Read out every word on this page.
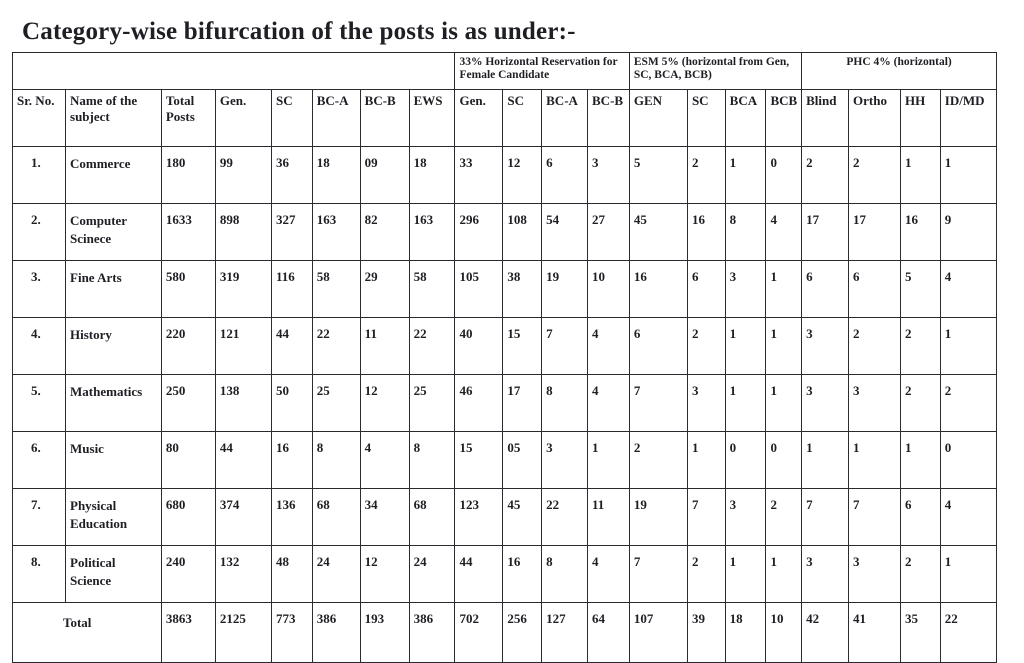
Category-wise bifurcation of the posts is as under:-
								33% Horizontal Reservation for Female Candidate				ESM 5% (horizontal from Gen, SC, BCA, BCB)				PHC 4% (horizontal)			
Sr. No.	Name of the subject	Total Posts	Gen.	SC	BC-A	BC-B	EWS	Gen.	SC	BC-A	BC-B	GEN	SC	BCA	BCB	Blind	Ortho	HH	ID/MD
1.	Commerce	180	99	36	18	09	18	33	12	6	3	5	2	1	0	2	2	1	1
2.	Computer Scinece	1633	898	327	163	82	163	296	108	54	27	45	16	8	4	17	17	16	9
3.	Fine Arts	580	319	116	58	29	58	105	38	19	10	16	6	3	1	6	6	5	4
4.	History	220	121	44	22	11	22	40	15	7	4	6	2	1	1	3	2	2	1
5.	Mathematics	250	138	50	25	12	25	46	17	8	4	7	3	1	1	3	3	2	2
6.	Music	80	44	16	8	4	8	15	05	3	1	2	1	0	0	1	1	1	0
7.	Physical Education	680	374	136	68	34	68	123	45	22	11	19	7	3	2	7	7	6	4
8.	Political Science	240	132	48	24	12	24	44	16	8	4	7	2	1	1	3	3	2	1
Total		3863	2125	773	386	193	386	702	256	127	64	107	39	18	10	42	41	35	22
